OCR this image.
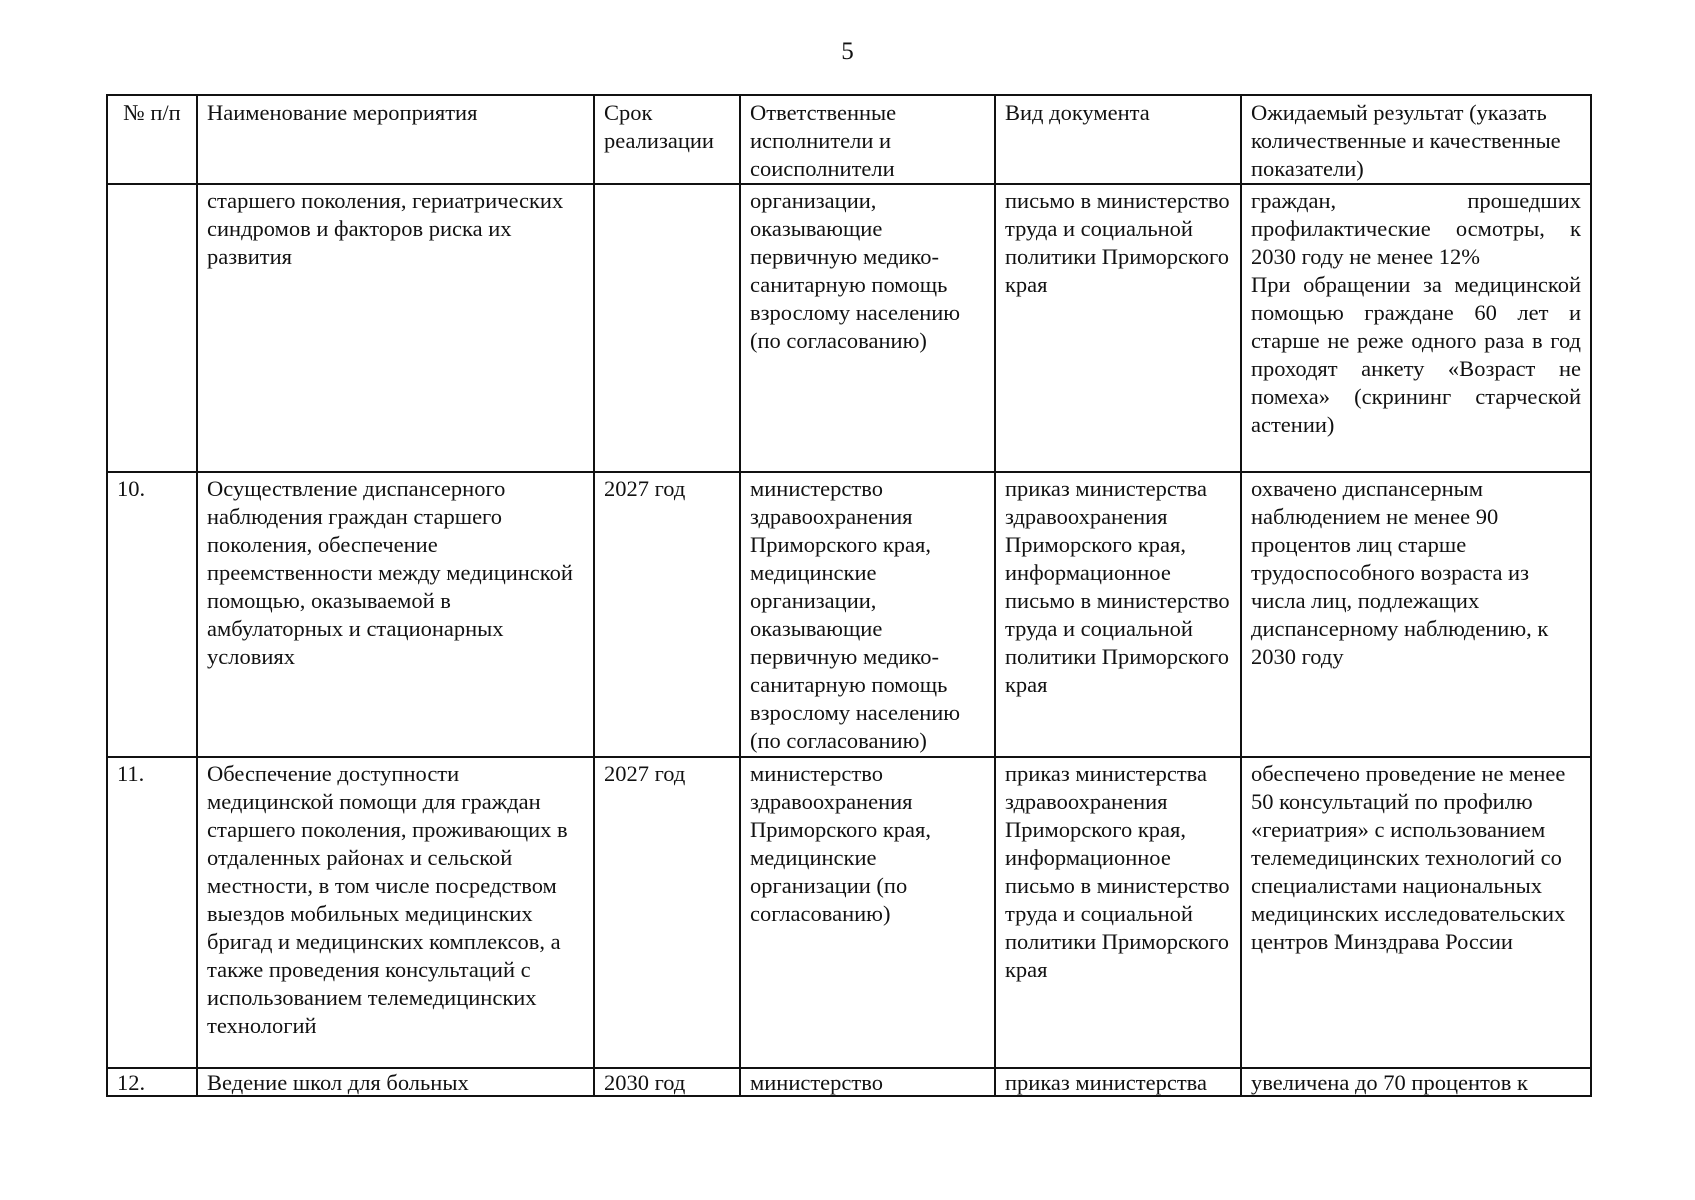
5
№ п/п	Наименование мероприятия	Срок реализации	Ответственные исполнители и соисполнители	Вид документа	Ожидаемый результат (указать количественные и качественные показатели)
	старшего поколения, гериатрических синдромов и факторов риска их развития		организации, оказывающие первичную медико-санитарную помощь взрослому населению (по согласованию)	письмо в министерство труда и социальной политики Приморского края	граждан, прошедших профилактические осмотры, к 2030 году не менее 12%
При обращении за медицинской помощью граждане 60 лет и старше не реже одного раза в год проходят анкету «Возраст не помеха» (скрининг старческой астении)

10.	Осуществление диспансерного наблюдения граждан старшего поколения, обеспечение преемственности между медицинской помощью, оказываемой в амбулаторных и стационарных условиях	2027 год	министерство здравоохранения Приморского края, медицинские организации, оказывающие первичную медико-санитарную помощь взрослому населению (по согласованию)	приказ министерства здравоохранения Приморского края, информационное письмо в министерство труда и социальной политики Приморского края	охвачено диспансерным наблюдением не менее 90 процентов лиц старше трудоспособного возраста из числа лиц, подлежащих диспансерному наблюдению, к 2030 году
11.	Обеспечение доступности медицинской помощи для граждан старшего поколения, проживающих в отдаленных районах и сельской местности, в том числе посредством выездов мобильных медицинских бригад и медицинских комплексов, а также проведения консультаций с использованием телемедицинских технологий	2027 год	министерство здравоохранения Приморского края, медицинские организации (по согласованию)	приказ министерства здравоохранения Приморского края, информационное письмо в министерство труда и социальной политики Приморского края	обеспечено проведение не менее 50 консультаций по профилю «гериатрия» с использованием телемедицинских технологий со специалистами национальных медицинских исследовательских центров Минздрава России
12.	Ведение школ для больных	2030 год	министерство	приказ министерства	увеличена до 70 процентов к
